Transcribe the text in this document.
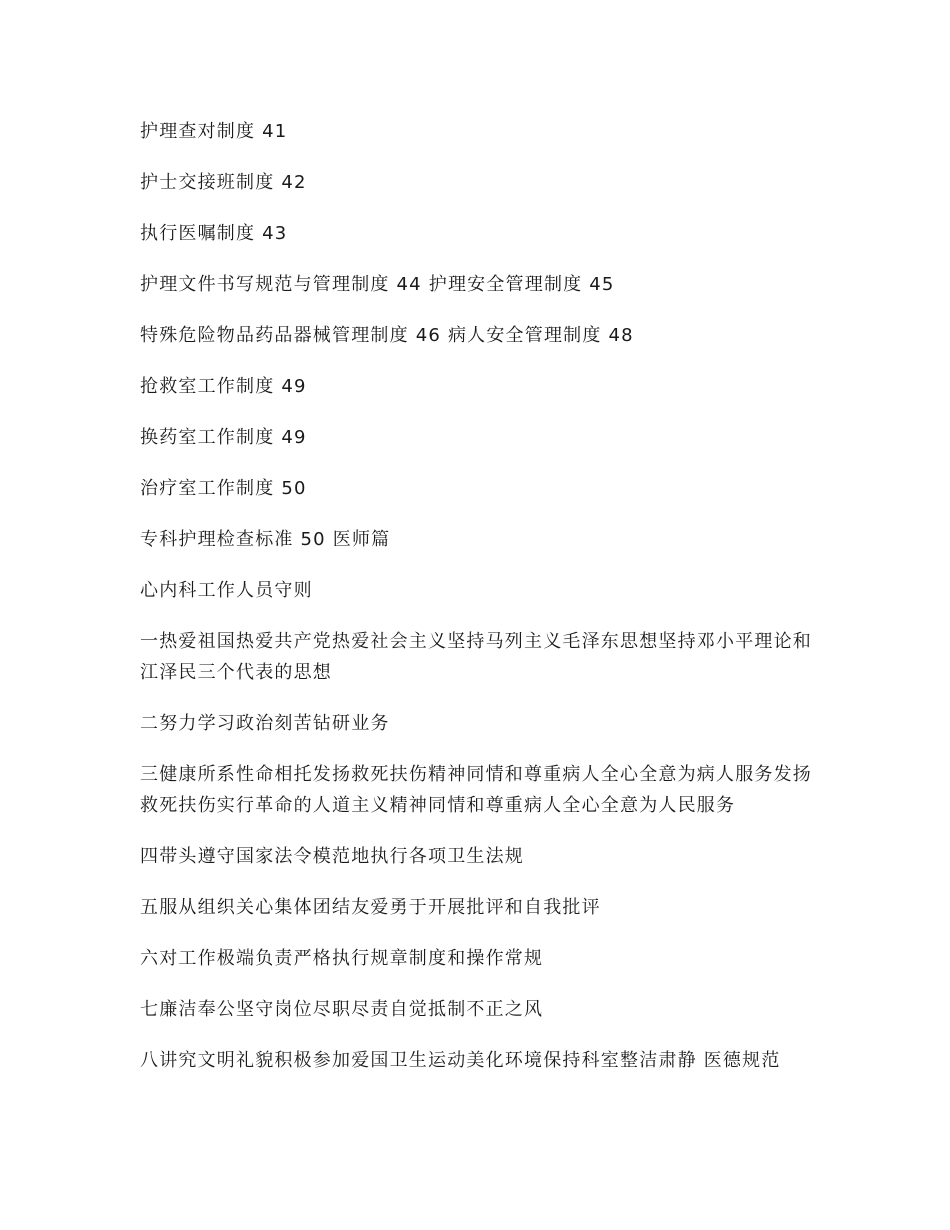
护理查对制度 41

护士交接班制度 42

执行医嘱制度 43

护理文件书写规范与管理制度 44 护理安全管理制度 45

特殊危险物品药品器械管理制度 46 病人安全管理制度 48

抢救室工作制度 49

换药室工作制度 49

治疗室工作制度 50

专科护理检查标准 50 医师篇

心内科工作人员守则

一热爱祖国热爱共产党热爱社会主义坚持马列主义毛泽东思想坚持邓小平理论和江泽民三个代表的思想

二努力学习政治刻苦钻研业务

三健康所系性命相托发扬救死扶伤精神同情和尊重病人全心全意为病人服务发扬救死扶伤实行革命的人道主义精神同情和尊重病人全心全意为人民服务

四带头遵守国家法令模范地执行各项卫生法规

五服从组织关心集体团结友爱勇于开展批评和自我批评

六对工作极端负责严格执行规章制度和操作常规

七廉洁奉公坚守岗位尽职尽责自觉抵制不正之风

八讲究文明礼貌积极参加爱国卫生运动美化环境保持科室整洁肃静 医德规范
